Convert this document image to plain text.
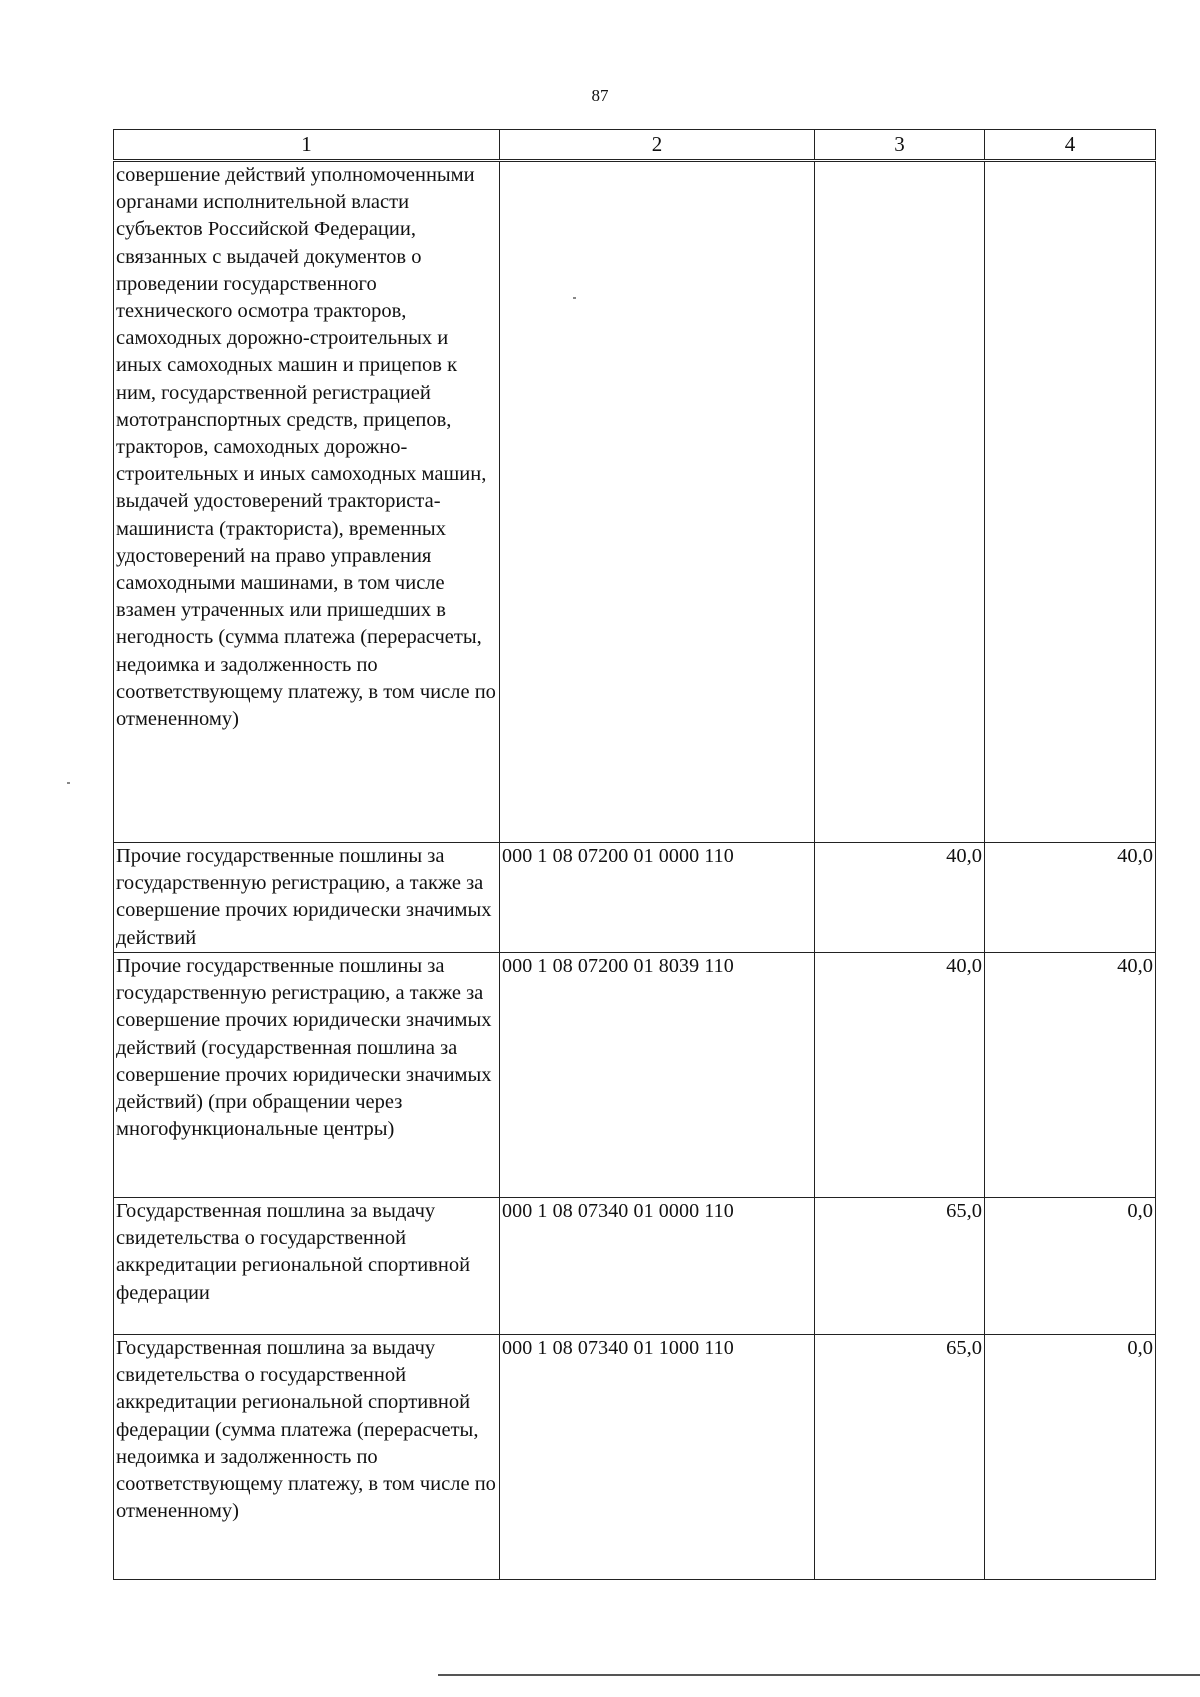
87
1	2	3	4
совершение действий уполномоченными органами исполнительной власти субъектов Российской Федерации, связанных с выдачей документов о проведении государственного технического осмотра тракторов, самоходных дорожно-строительных и иных самоходных машин и прицепов к ним, государственной регистрацией мототранспортных средств, прицепов, тракторов, самоходных дорожно-строительных и иных самоходных машин, выдачей удостоверений тракториста-машиниста (тракториста), временных удостоверений на право управления самоходными машинами, в том числе взамен утраченных или пришедших в негодность (сумма платежа (перерасчеты, недоимка и задолженность по соответствующему платежу, в том числе по отмененному)			
Прочие государственные пошлины за государственную регистрацию, а также за совершение прочих юридически значимых действий	000 1 08 07200 01 0000 110	40,0	40,0
Прочие государственные пошлины за государственную регистрацию, а также за совершение прочих юридически значимых действий (государственная пошлина за совершение прочих юридически значимых действий) (при обращении через многофункциональные центры)	000 1 08 07200 01 8039 110	40,0	40,0
Государственная пошлина за выдачу свидетельства о государственной аккредитации региональной спортивной федерации	000 1 08 07340 01 0000 110	65,0	0,0
Государственная пошлина за выдачу свидетельства о государственной аккредитации региональной спортивной федерации (сумма платежа (перерасчеты, недоимка и задолженность по соответствующему платежу, в том числе по отмененному)	000 1 08 07340 01 1000 110	65,0	0,0
